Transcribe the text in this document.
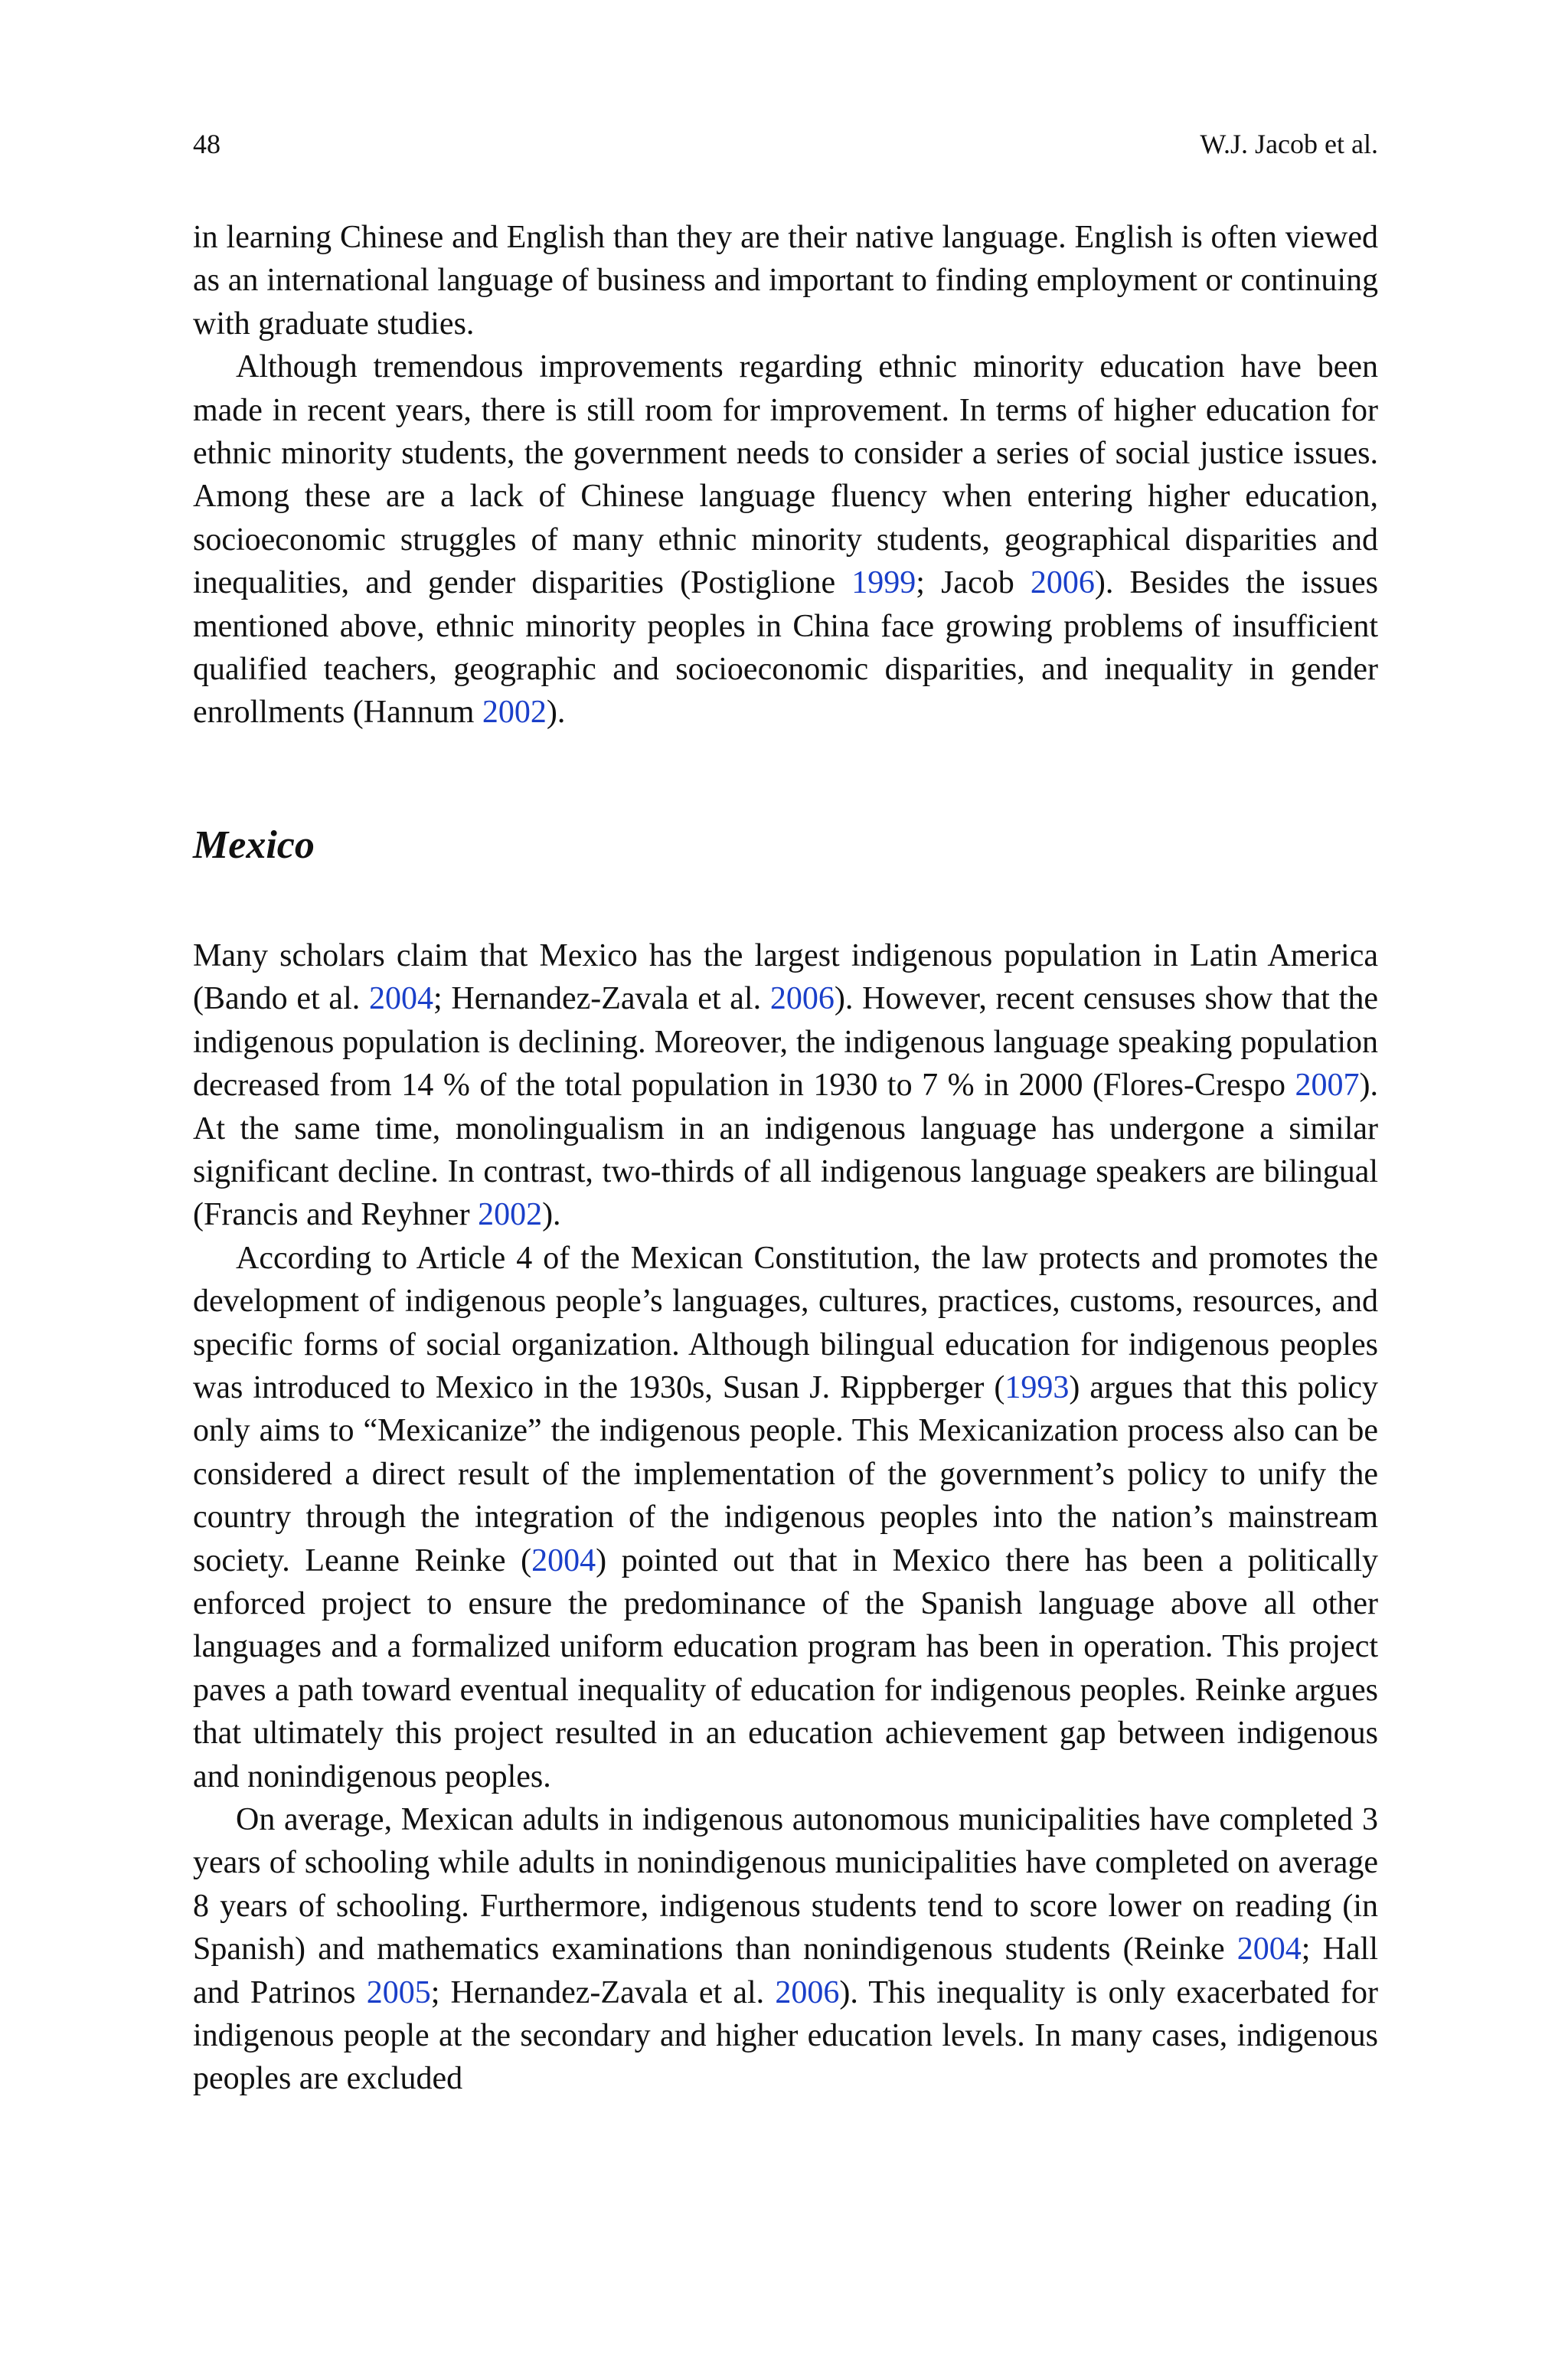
48	W.J. Jacob et al.

in learning Chinese and English than they are their native language. English is often viewed as an international language of business and important to finding employment or continuing with graduate studies.

Although tremendous improvements regarding ethnic minority education have been made in recent years, there is still room for improvement. In terms of higher education for ethnic minority students, the government needs to consider a series of social justice issues. Among these are a lack of Chinese language fluency when entering higher education, socioeconomic struggles of many ethnic minority students, geographical disparities and inequalities, and gender disparities (Postiglione 1999; Jacob 2006). Besides the issues mentioned above, ethnic minority peoples in China face growing problems of insufficient qualified teachers, geographic and socioeconomic disparities, and inequality in gender enrollments (Hannum 2002).

Mexico

Many scholars claim that Mexico has the largest indigenous population in Latin America (Bando et al. 2004; Hernandez-Zavala et al. 2006). However, recent censuses show that the indigenous population is declining. Moreover, the indigenous language speaking population decreased from 14 % of the total population in 1930 to 7 % in 2000 (Flores-Crespo 2007). At the same time, monolingualism in an indigenous language has undergone a similar significant decline. In contrast, two-thirds of all indigenous language speakers are bilingual (Francis and Reyhner 2002).

According to Article 4 of the Mexican Constitution, the law protects and promotes the development of indigenous people’s languages, cultures, practices, customs, resources, and specific forms of social organization. Although bilingual education for indigenous peoples was introduced to Mexico in the 1930s, Susan J. Rippberger (1993) argues that this policy only aims to “Mexicanize” the indigenous people. This Mexicanization process also can be considered a direct result of the implementation of the government’s policy to unify the country through the integration of the indigenous peoples into the nation’s mainstream society. Leanne Reinke (2004) pointed out that in Mexico there has been a politically enforced project to ensure the predominance of the Spanish language above all other languages and a formalized uniform education program has been in operation. This project paves a path toward eventual inequality of education for indigenous peoples. Reinke argues that ultimately this project resulted in an education achievement gap between indigenous and nonindigenous peoples.

On average, Mexican adults in indigenous autonomous municipalities have completed 3 years of schooling while adults in nonindigenous municipalities have completed on average 8 years of schooling. Furthermore, indigenous students tend to score lower on reading (in Spanish) and mathematics examinations than nonindigenous students (Reinke 2004; Hall and Patrinos 2005; Hernandez-Zavala et al. 2006). This inequality is only exacerbated for indigenous people at the secondary and higher education levels. In many cases, indigenous peoples are excluded
